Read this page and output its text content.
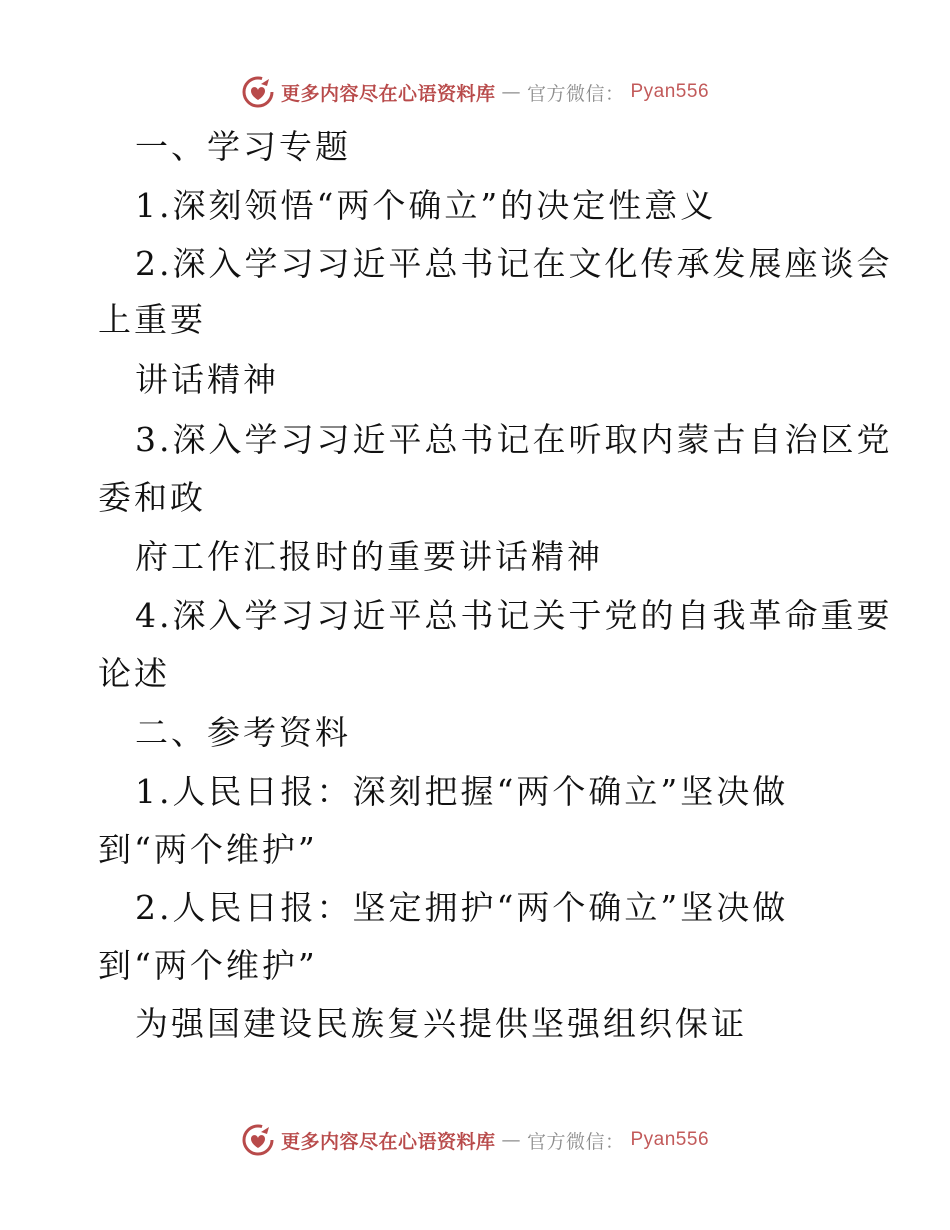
更多内容尽在心语资料库 — 官方微信： Pyan556
一、学习专题
1.深刻领悟“两个确立”的决定性意义
2.深入学习习近平总书记在文化传承发展座谈会
上重要
讲话精神
3.深入学习习近平总书记在听取内蒙古自治区党
委和政
府工作汇报时的重要讲话精神
4.深入学习习近平总书记关于党的自我革命重要
论述
二、参考资料
1.人民日报：深刻把握“两个确立”坚决做
到“两个维护”
2.人民日报：坚定拥护“两个确立”坚决做
到“两个维护”
为强国建设民族复兴提供坚强组织保证
更多内容尽在心语资料库 — 官方微信： Pyan556
